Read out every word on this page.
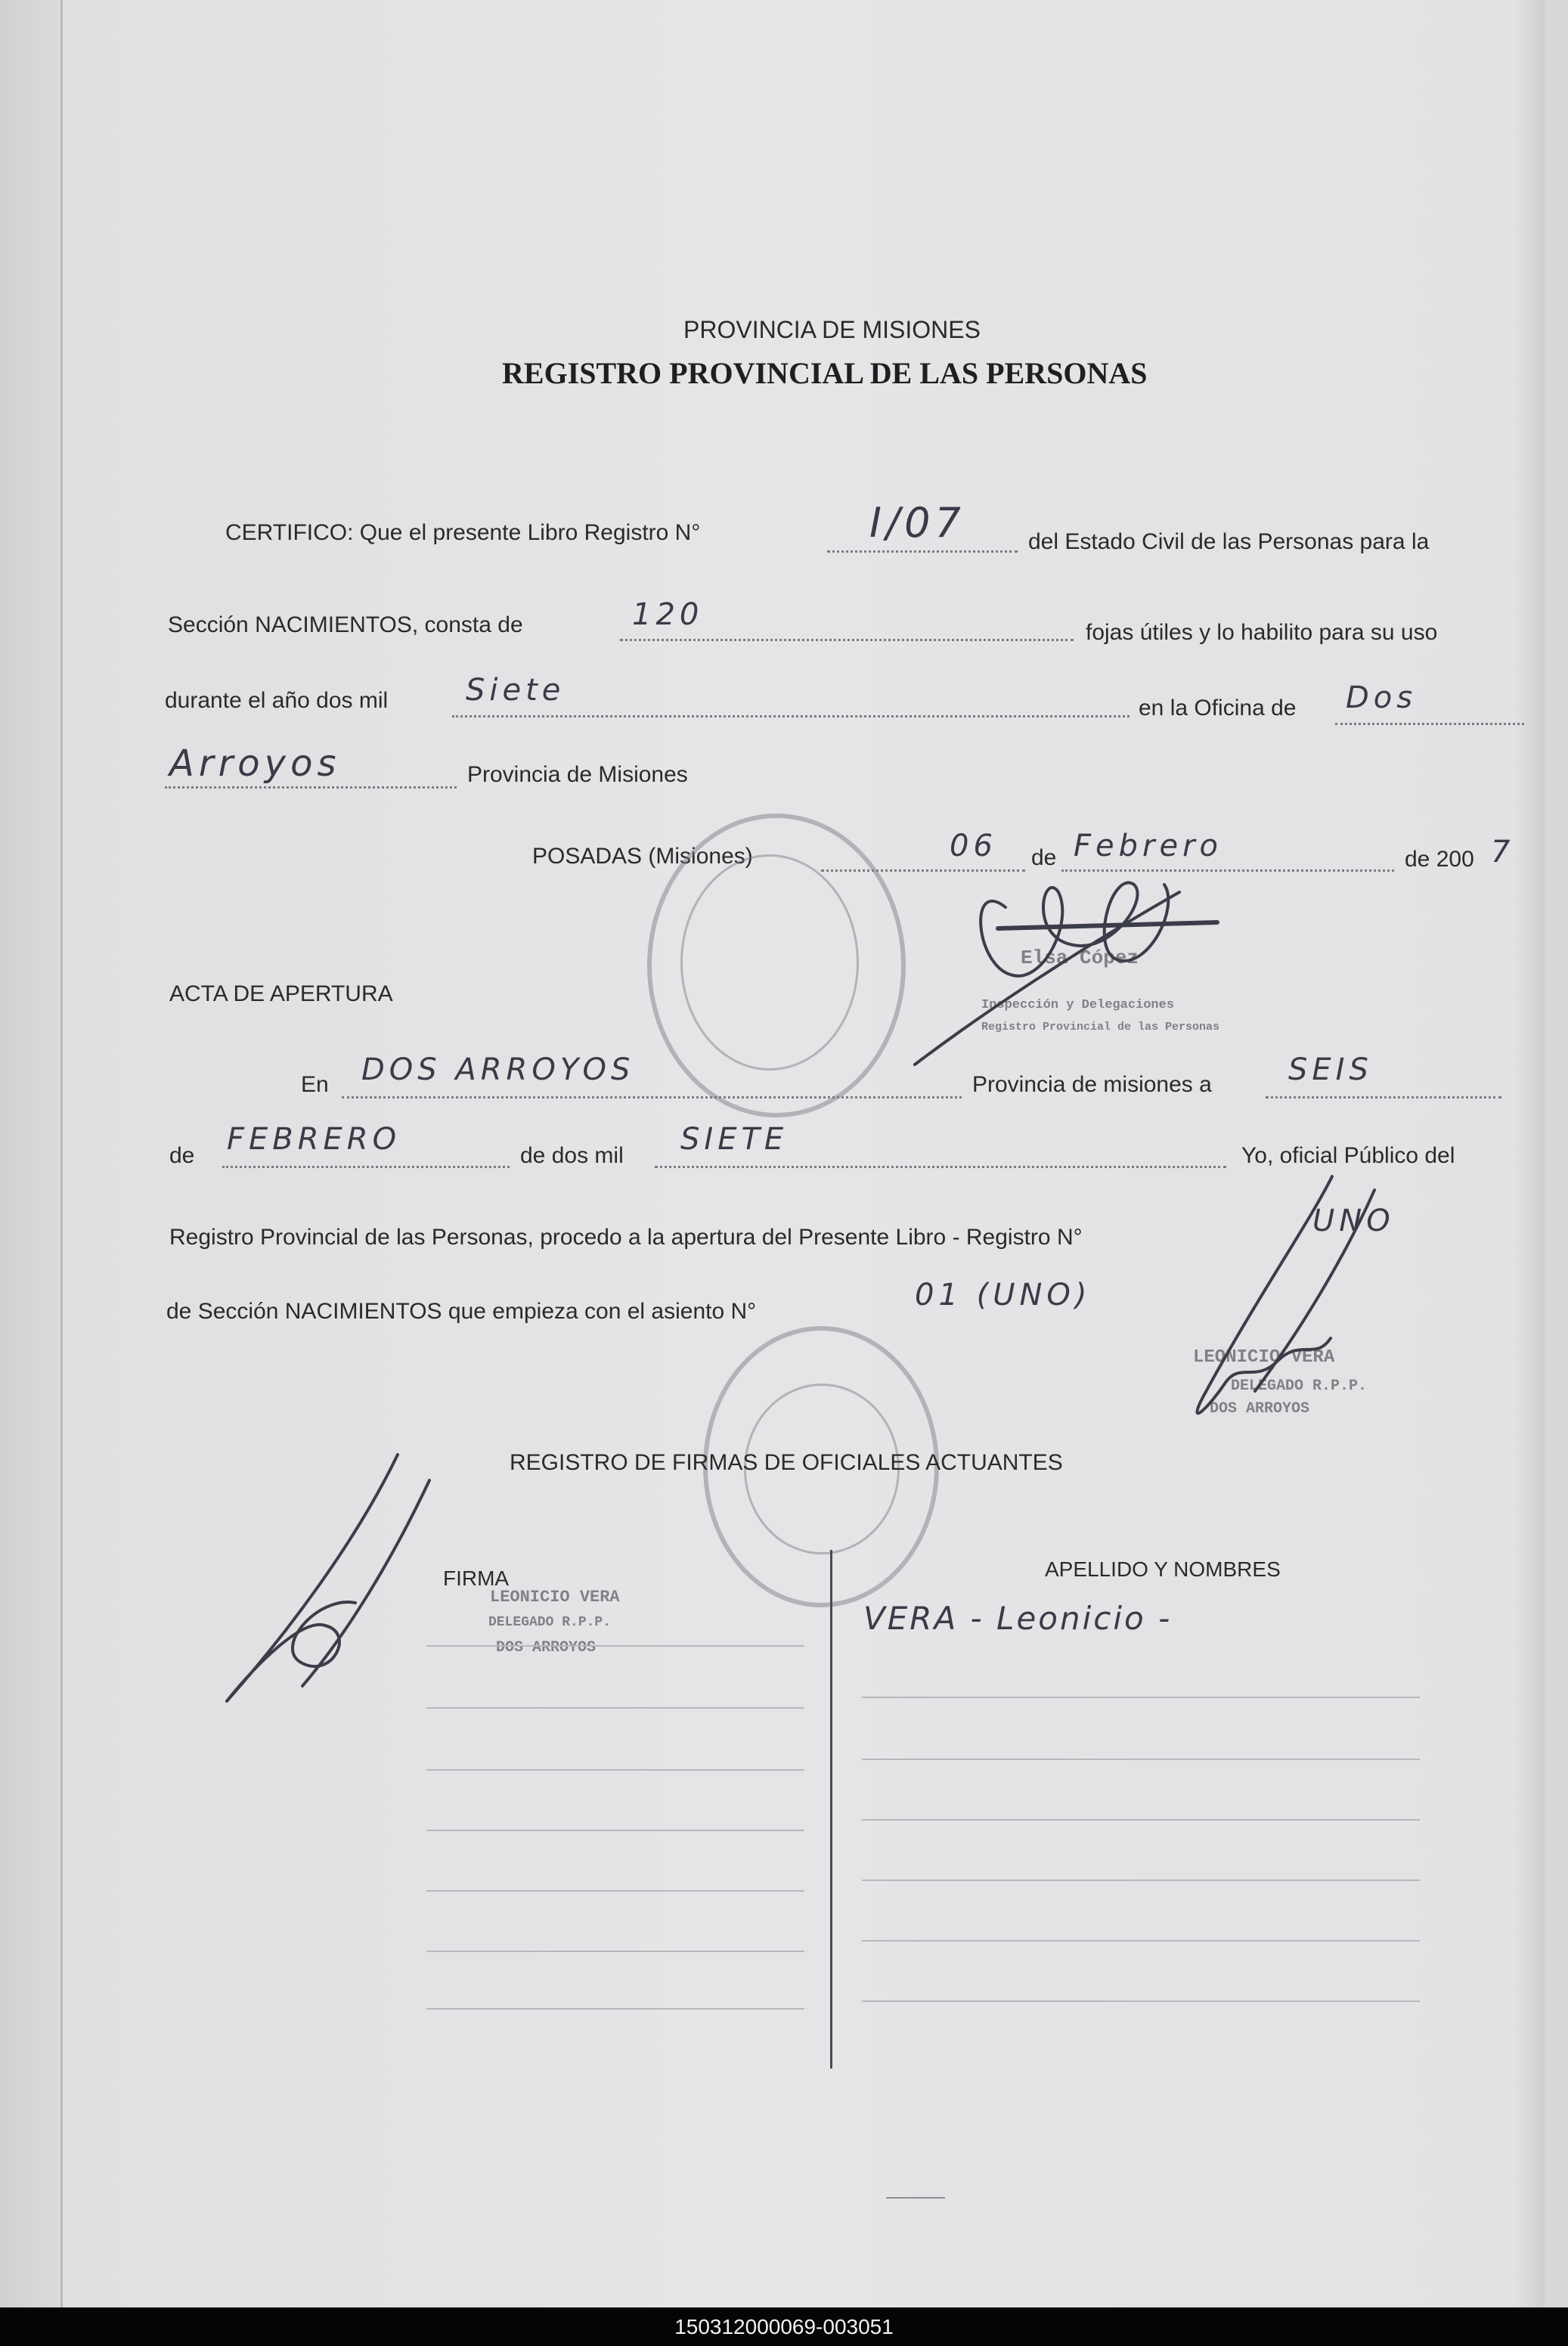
PROVINCIA DE MISIONES
REGISTRO PROVINCIAL DE LAS PERSONAS
CERTIFICO: Que el presente Libro Registro N°	I/07	del Estado Civil de las Personas para la
Sección NACIMIENTOS, consta de	120
fojas útiles y lo habilito para su uso
durante el año dos mil	Siete
en la Oficina de Dos
Arroyos	Provincia de Misiones
POSADAS (Misiones)	06 de Febrero	de 200 7
Elsa Cópez
Inspección y Delegaciones
Registro Provincial de las Personas
ACTA DE APERTURA
En DOS ARROYOS	Provincia de misiones a	SEIS
de FEBRERO	de dos mil SIETE	Yo, oficial Público del
Registro Provincial de las Personas, procedo a la apertura del Presente Libro - Registro N°	UNO
de Sección NACIMIENTOS que empieza con el asiento N°	01 (UNO)
LEONICIO VERA
DELEGADO R.P.P.
DOS ARROYOS
REGISTRO DE FIRMAS DE OFICIALES ACTUANTES
FIRMA	APELLIDO Y NOMBRES
LEONICIO VERA
DELEGADO R.P.P.
DOS ARROYOS
VERA - Leonicio -
150312000069-003051
